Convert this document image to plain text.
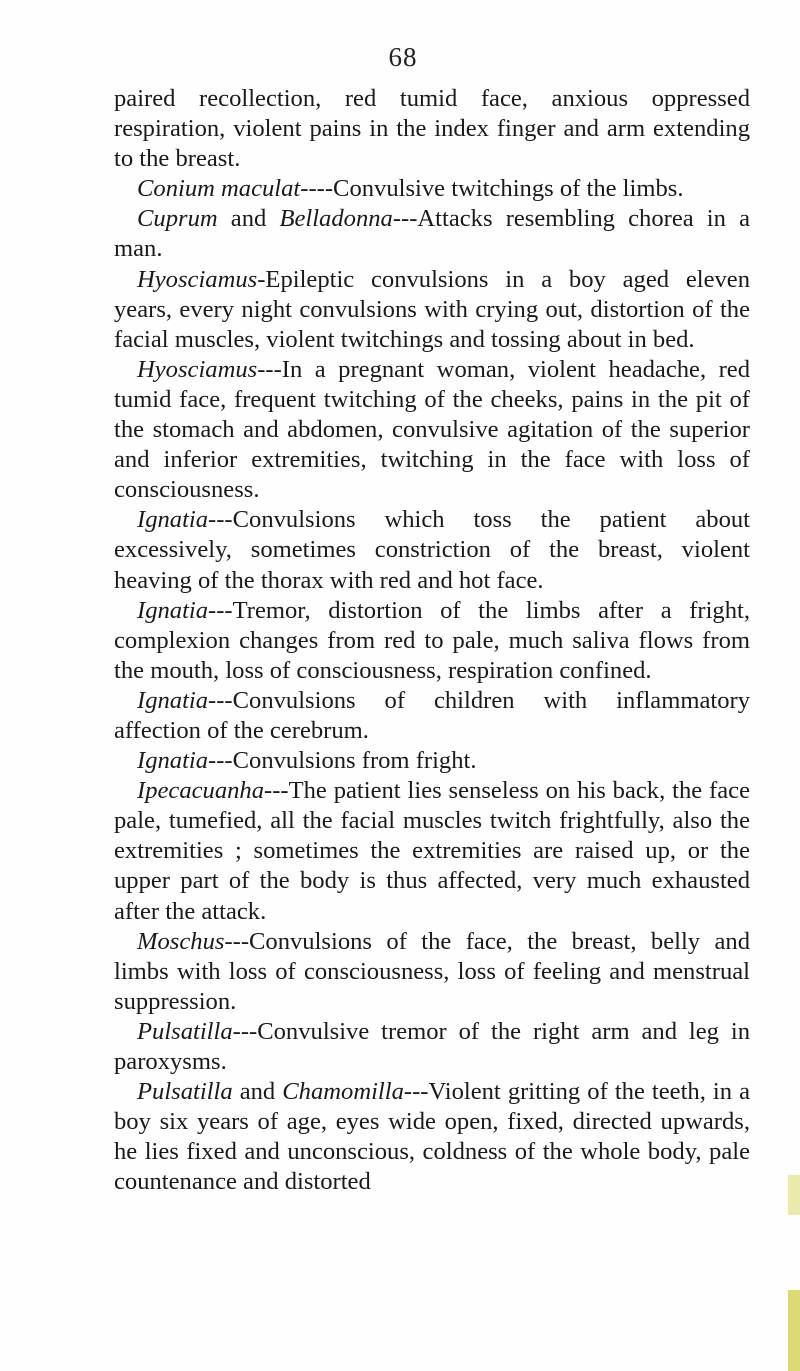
68

paired recollection, red tumid face, anxious oppressed respiration, violent pains in the index finger and arm extending to the breast.

Conium maculat----Convulsive twitchings of the limbs.

Cuprum and Belladonna---Attacks resembling chorea in a man.

Hyosciamus-Epileptic convulsions in a boy aged eleven years, every night convulsions with crying out, distortion of the facial muscles, violent twitchings and tossing about in bed.

Hyosciamus---In a pregnant woman, violent headache, red tumid face, frequent twitching of the cheeks, pains in the pit of the stomach and abdomen, convulsive agitation of the superior and inferior extremities, twitching in the face with loss of consciousness.

Ignatia---Convulsions which toss the patient about excessively, sometimes constriction of the breast, violent heaving of the thorax with red and hot face.

Ignatia---Tremor, distortion of the limbs after a fright, complexion changes from red to pale, much saliva flows from the mouth, loss of consciousness, respiration confined.

Ignatia---Convulsions of children with inflammatory affection of the cerebrum.

Ignatia---Convulsions from fright.

Ipecacuanha---The patient lies senseless on his back, the face pale, tumefied, all the facial muscles twitch frightfully, also the extremities ; sometimes the extremities are raised up, or the upper part of the body is thus affected, very much exhausted after the attack.

Moschus---Convulsions of the face, the breast, belly and limbs with loss of consciousness, loss of feeling and menstrual suppression.

Pulsatilla---Convulsive tremor of the right arm and leg in paroxysms.

Pulsatilla and Chamomilla---Violent gritting of the teeth, in a boy six years of age, eyes wide open, fixed, directed upwards, he lies fixed and unconscious, coldness of the whole body, pale countenance and distorted
